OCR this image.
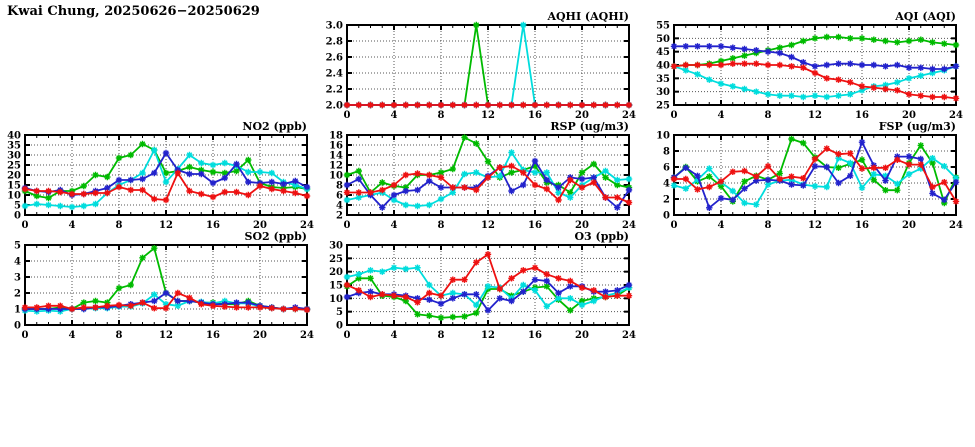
Kwai Chung, 20250626−20250629	AQHI (AQHI)
0	4	8	12	16	20	24
2.0
2.2
2.4
2.6
2.8
3.0
AQI (AQI)
0	4	8	12	16	20	24
25
30
35
40
45
50
55
NO2 (ppb)
0	4	8	12	16	20	24
0
5
10
15
20
25
30
35
40
RSP (ug/m3)
0	4	8	12	16	20	24
2
4
6
8
10
12
14
16
18
FSP (ug/m3)
0	4	8	12	16	20	24
0
2
4
6
8
10
SO2 (ppb)
0	4	8	12	16	20	24
0
1
2
3
4
5
O3 (ppb)
0	4	8	12	16	20	24
0
5
10
15
20
25
30
